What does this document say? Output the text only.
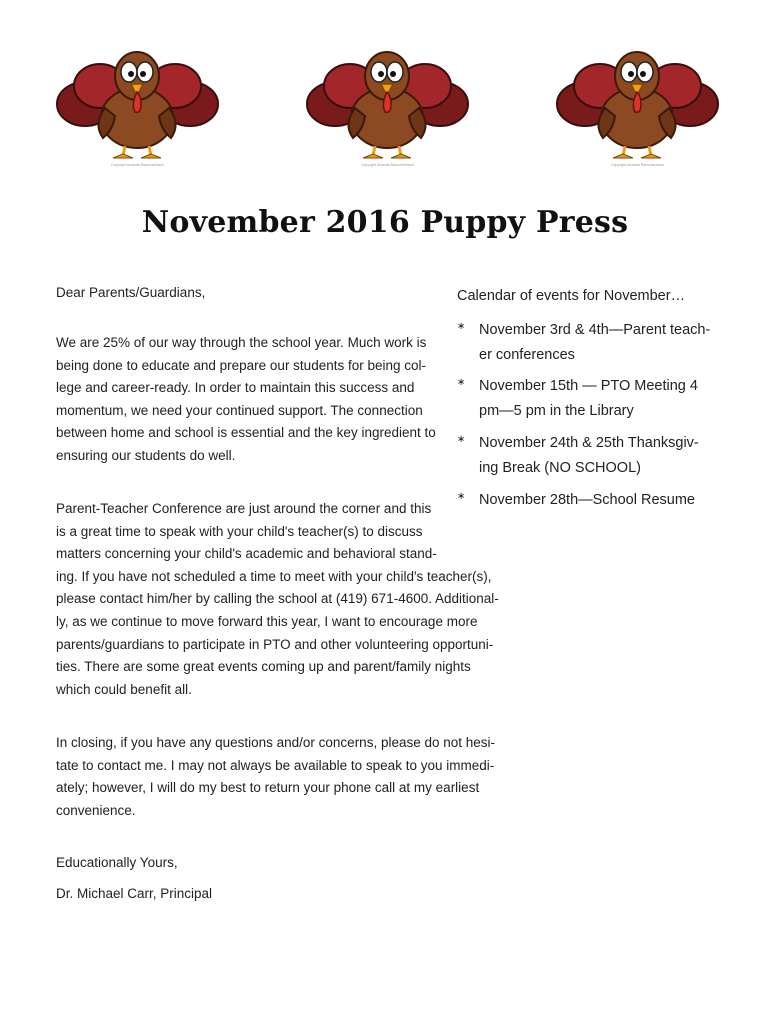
Copyright Amanda Rauschenbach	Copyright Amanda Rauschenbach	Copyright Amanda Rauschenbach
November 2016 Puppy Press

Dear Parents/Guardians,

We are 25% of our way through the school year. Much work is
being done to educate and prepare our students for being col-
lege and career-ready. In order to maintain this success and
momentum, we need your continued support. The connection
between home and school is essential and the key ingredient to
ensuring our students do well.
Parent-Teacher Conference are just around the corner and this
is a great time to speak with your child's teacher(s) to discuss
matters concerning your child's academic and behavioral stand-
ing. If you have not scheduled a time to meet with your child's teacher(s),
please contact him/her by calling the school at (419) 671-4600. Additional-
ly, as we continue to move forward this year, I want to encourage more
parents/guardians to participate in PTO and other volunteering opportuni-
ties. There are some great events coming up and parent/family nights
which could benefit all.
In closing, if you have any questions and/or concerns, please do not hesi-
tate to contact me. I may not always be available to speak to you immedi-
ately; however, I will do my best to return your phone call at my earliest
convenience.

Educationally Yours,

Dr. Michael Carr, Principal

Calendar of events for November…

∗ November 3rd & 4th—Parent teach-
er conferences
∗ November 15th — PTO Meeting 4
pm—5 pm in the Library
∗ November 24th & 25th Thanksgiv-
ing Break (NO SCHOOL)
∗ November 28th—School Resume
